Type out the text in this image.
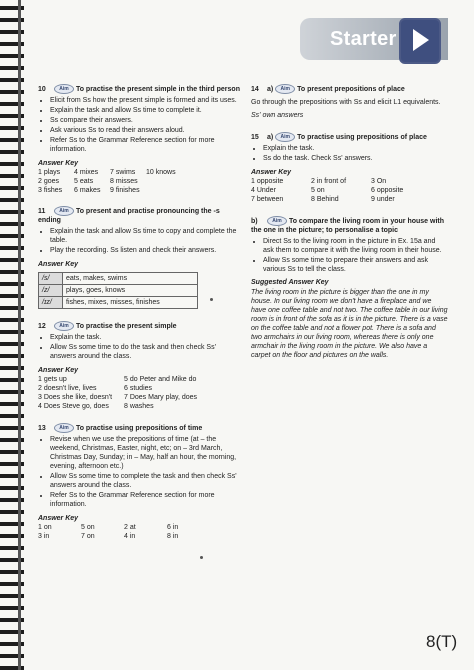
Starter
10	Aim To practise the present simple in the third person
• Elicit from Ss how the present simple is formed and its uses.
• Explain the task and allow Ss time to complete it.
• Ss compare their answers.
• Ask various Ss to read their answers aloud.
• Refer Ss to the Grammar Reference section for more information.
Answer Key
1 plays	4 mixes	7 swims	10 knows
2 goes	5 eats	8 misses
3 fishes	6 makes	9 finishes
11	Aim To present and practise pronouncing the -s ending
• Explain the task and allow Ss time to copy and complete the table.
• Play the recording. Ss listen and check their answers.
Answer Key
/s/	eats, makes, swims
/z/	plays, goes, knows
/ɪz/	fishes, mixes, misses, finishes
12	Aim To practise the present simple
• Explain the task.
• Allow Ss some time to do the task and then check Ss' answers around the class.
Answer Key
1 gets up	5 do Peter and Mike do
2 doesn't live, lives	6 studies
3 Does she like, doesn't	7 Does Mary play, does
4 Does Steve go, does	8 washes
13	Aim To practise using prepositions of time
• Revise when we use the prepositions of time (at – the weekend, Christmas, Easter, night, etc; on – 3rd March, Christmas Day, Sunday; in – May, half an hour, the morning, evening, afternoon etc.)
• Allow Ss some time to complete the task and then check Ss' answers around the class.
• Refer Ss to the Grammar Reference section for more information.
Answer Key
1 on	5 on	2 at	6 in
3 in	7 on	4 in	8 in
14 a) Aim To present prepositions of place
Go through the prepositions with Ss and elicit L1 equivalents.
Ss' own answers
15 a) Aim To practise using prepositions of place
• Explain the task.
• Ss do the task. Check Ss' answers.
Answer Key
1 opposite	2 in front of	3 On
4 Under	5 on	6 opposite
7 between	8 Behind	9 under
b)	Aim To compare the living room in your house with the one in the picture; to personalise a topic
• Direct Ss to the living room in the picture in Ex. 15a and ask them to compare it with the living room in their house.
• Allow Ss some time to prepare their answers and ask various Ss to tell the class.
Suggested Answer Key
The living room in the picture is bigger than the one in my house. In our living room we don't have a fireplace and we have one coffee table and not two. The coffee table in our living room is in front of the sofa as it is in the picture. There is a vase on the coffee table and not a flower pot. There is a sofa and two armchairs in our living room, whereas there is only one armchair in the living room in the picture. We also have a carpet on the floor and pictures on the walls.
8(T)
